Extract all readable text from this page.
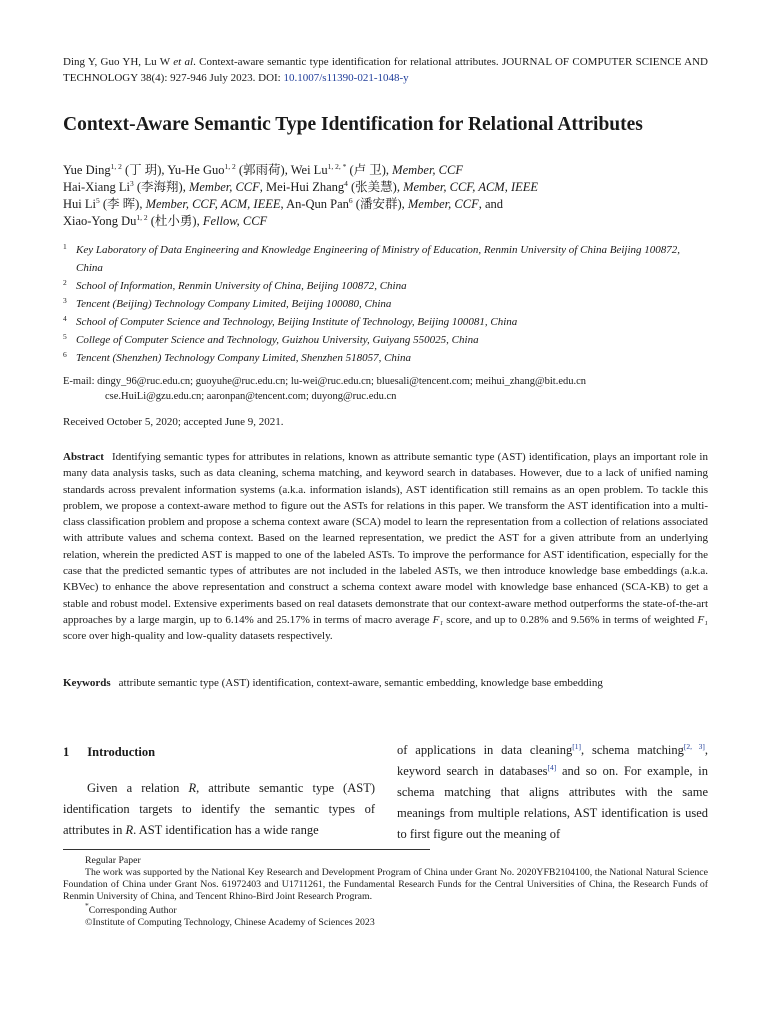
Ding Y, Guo YH, Lu W et al. Context-aware semantic type identification for relational attributes. JOURNAL OF COMPUTER SCIENCE AND TECHNOLOGY 38(4): 927-946 July 2023. DOI: 10.1007/s11390-021-1048-y
Context-Aware Semantic Type Identification for Relational Attributes
Yue Ding$^{1, 2}$ (丁 玥), Yu-He Guo$^{1, 2}$ (郭雨荷), Wei $Lu^{1, 2, *}$ (卢 卫), Member, CCF
Hai-Xiang Li$^3$ (李海翔), Member, CCF, Mei-Hui Zhang$^4$ (张美慧), Member, CCF, ACM, IEEE
Hui Li$^5$ (李 晖), Member, CCF, ACM, IEEE, An-Qun Pan$^6$ (潘安群), Member, CCF, and
Xiao-Yong Du$^{1, 2}$ (杜小勇), Fellow, CCF
1 Key Laboratory of Data Engineering and Knowledge Engineering of Ministry of Education, Renmin University of China Beijing 100872, China
2 School of Information, Renmin University of China, Beijing 100872, China
3 Tencent (Beijing) Technology Company Limited, Beijing 100080, China
4 School of Computer Science and Technology, Beijing Institute of Technology, Beijing 100081, China
5 College of Computer Science and Technology, Guizhou University, Guiyang 550025, China
6 Tencent (Shenzhen) Technology Company Limited, Shenzhen 518057, China
E-mail: dingy_96@ruc.edu.cn; guoyuhe@ruc.edu.cn; lu-wei@ruc.edu.cn; bluesali@tencent.com; meihui_zhang@bit.edu.cn
cse.HuiLi@gzu.edu.cn; aaronpan@tencent.com; duyong@ruc.edu.cn
Received October 5, 2020; accepted June 9, 2021.
Abstract Identifying semantic types for attributes in relations, known as attribute semantic type (AST) identification, plays an important role in many data analysis tasks, such as data cleaning, schema matching, and keyword search in databases. However, due to a lack of unified naming standards across prevalent information systems (a.k.a. information islands), AST identification still remains as an open problem. To tackle this problem, we propose a context-aware method to figure out the ASTs for relations in this paper. We transform the AST identification into a multi-class classification problem and propose a schema context aware (SCA) model to learn the representation from a collection of relations associated with attribute values and schema context. Based on the learned representation, we predict the AST for a given attribute from an underlying relation, wherein the predicted AST is mapped to one of the labeled ASTs. To improve the performance for AST identification, especially for the case that the predicted semantic types of attributes are not included in the labeled ASTs, we then introduce knowledge base embeddings (a.k.a. KBVec) to enhance the above representation and construct a schema context aware model with knowledge base enhanced (SCA-KB) to get a stable and robust model. Extensive experiments based on real datasets demonstrate that our context-aware method outperforms the state-of-the-art approaches by a large margin, up to 6.14% and 25.17% in terms of macro average F₁ score, and up to 0.28% and 9.56% in terms of weighted F₁ score over high-quality and low-quality datasets respectively.
Keywords attribute semantic type (AST) identification, context-aware, semantic embedding, knowledge base embedding
1 Introduction
Given a relation R, attribute semantic type (AST) identification targets to identify the semantic types of attributes in R. AST identification has a wide range
of applications in data cleaning[1], schema matching[2, 3], keyword search in databases[4] and so on. For example, in schema matching that aligns attributes with the same meanings from multiple relations, AST identification is used to first figure out the meaning of
Regular Paper
The work was supported by the National Key Research and Development Program of China under Grant No. 2020YFB2104100, the National Natural Science Foundation of China under Grant Nos. 61972403 and U1711261, the Fundamental Research Funds for the Central Universities of China, the Research Funds of Renmin University of China, and Tencent Rhino-Bird Joint Research Program.
*Corresponding Author
©Institute of Computing Technology, Chinese Academy of Sciences 2023
